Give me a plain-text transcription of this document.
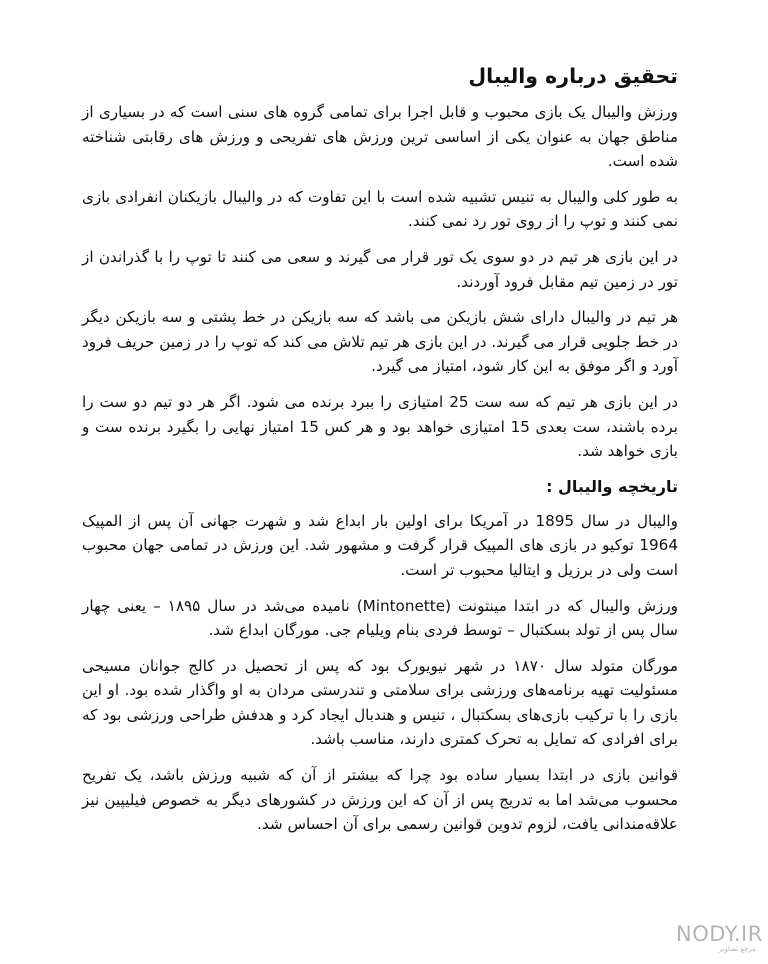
تحقیق درباره والیبال

ورزش والیبال یک بازی محبوب و قابل اجرا برای تمامی گروه های سنی است که در بسیاری از مناطق جهان به عنوان یکی از اساسی ترین ورزش های تفریحی و ورزش های رقابتی شناخته شده است.

به طور کلی والیبال به تنیس تشبیه شده است با این تفاوت که در والیبال بازیکنان انفرادی بازی نمی کنند و توپ را از روی تور رد نمی کنند.

در این بازی هر تیم در دو سوی یک تور قرار می گیرند و سعی می کنند تا توپ را با گذراندن از تور در زمین تیم مقابل فرود آوردند.

هر تیم در والیبال دارای شش بازیکن می باشد که سه بازیکن در خط پشتی و سه بازیکن دیگر در خط جلویی قرار می گیرند. در این بازی هر تیم تلاش می کند که توپ را در زمین حریف فرود آورد و اگر موفق به این کار شود، امتیاز می گیرد.

در این بازی هر تیم که سه ست 25 امتیازی را ببرد برنده می شود. اگر هر دو تیم دو ست را برده باشند، ست بعدی 15 امتیازی خواهد بود و هر کس 15 امتیاز نهایی را بگیرد برنده ست و بازی خواهد شد.

تاریخچه والیبال :

والیبال در سال 1895 در آمریکا برای اولین بار ابداع شد و شهرت جهانی آن پس از المپیک 1964 توکیو در بازی های المپیک قرار گرفت و مشهور شد. این ورزش در تمامی جهان محبوب است ولی در برزیل و ایتالیا محبوب تر است.

ورزش والیبال که در ابتدا مینتونت (Mintonette) نامیده می‌شد در سال ۱۸۹۵ – یعنی چهار سال پس از تولد بسکتبال – توسط فردی بنام ویلیام جی. مورگان ابداع شد.

مورگان متولد سال ۱۸۷۰ در شهر نیویورک بود که پس از تحصیل در کالج جوانان مسیحی مسئولیت تهیه برنامه‌های ورزشی برای سلامتی و تندرستی مردان به او واگذار شده بود. او این بازی را با ترکیب بازی‌های بسکتبال ، تنیس و هندبال ایجاد کرد و هدفش طراحی ورزشی بود که برای افرادی که تمایل به تحرک کمتری دارند، مناسب باشد.

قوانین بازی در ابتدا بسیار ساده بود چرا که بیشتر از آن که شبیه ورزش باشد، یک تفریح محسوب می‌شد اما به تدریج پس از آن که این ورزش در کشورهای دیگر به خصوص فیلیپین نیز علاقه‌مندانی یافت، لزوم تدوین قوانین رسمی برای آن احساس شد.

NODY.IR
مرجع تصاویر
